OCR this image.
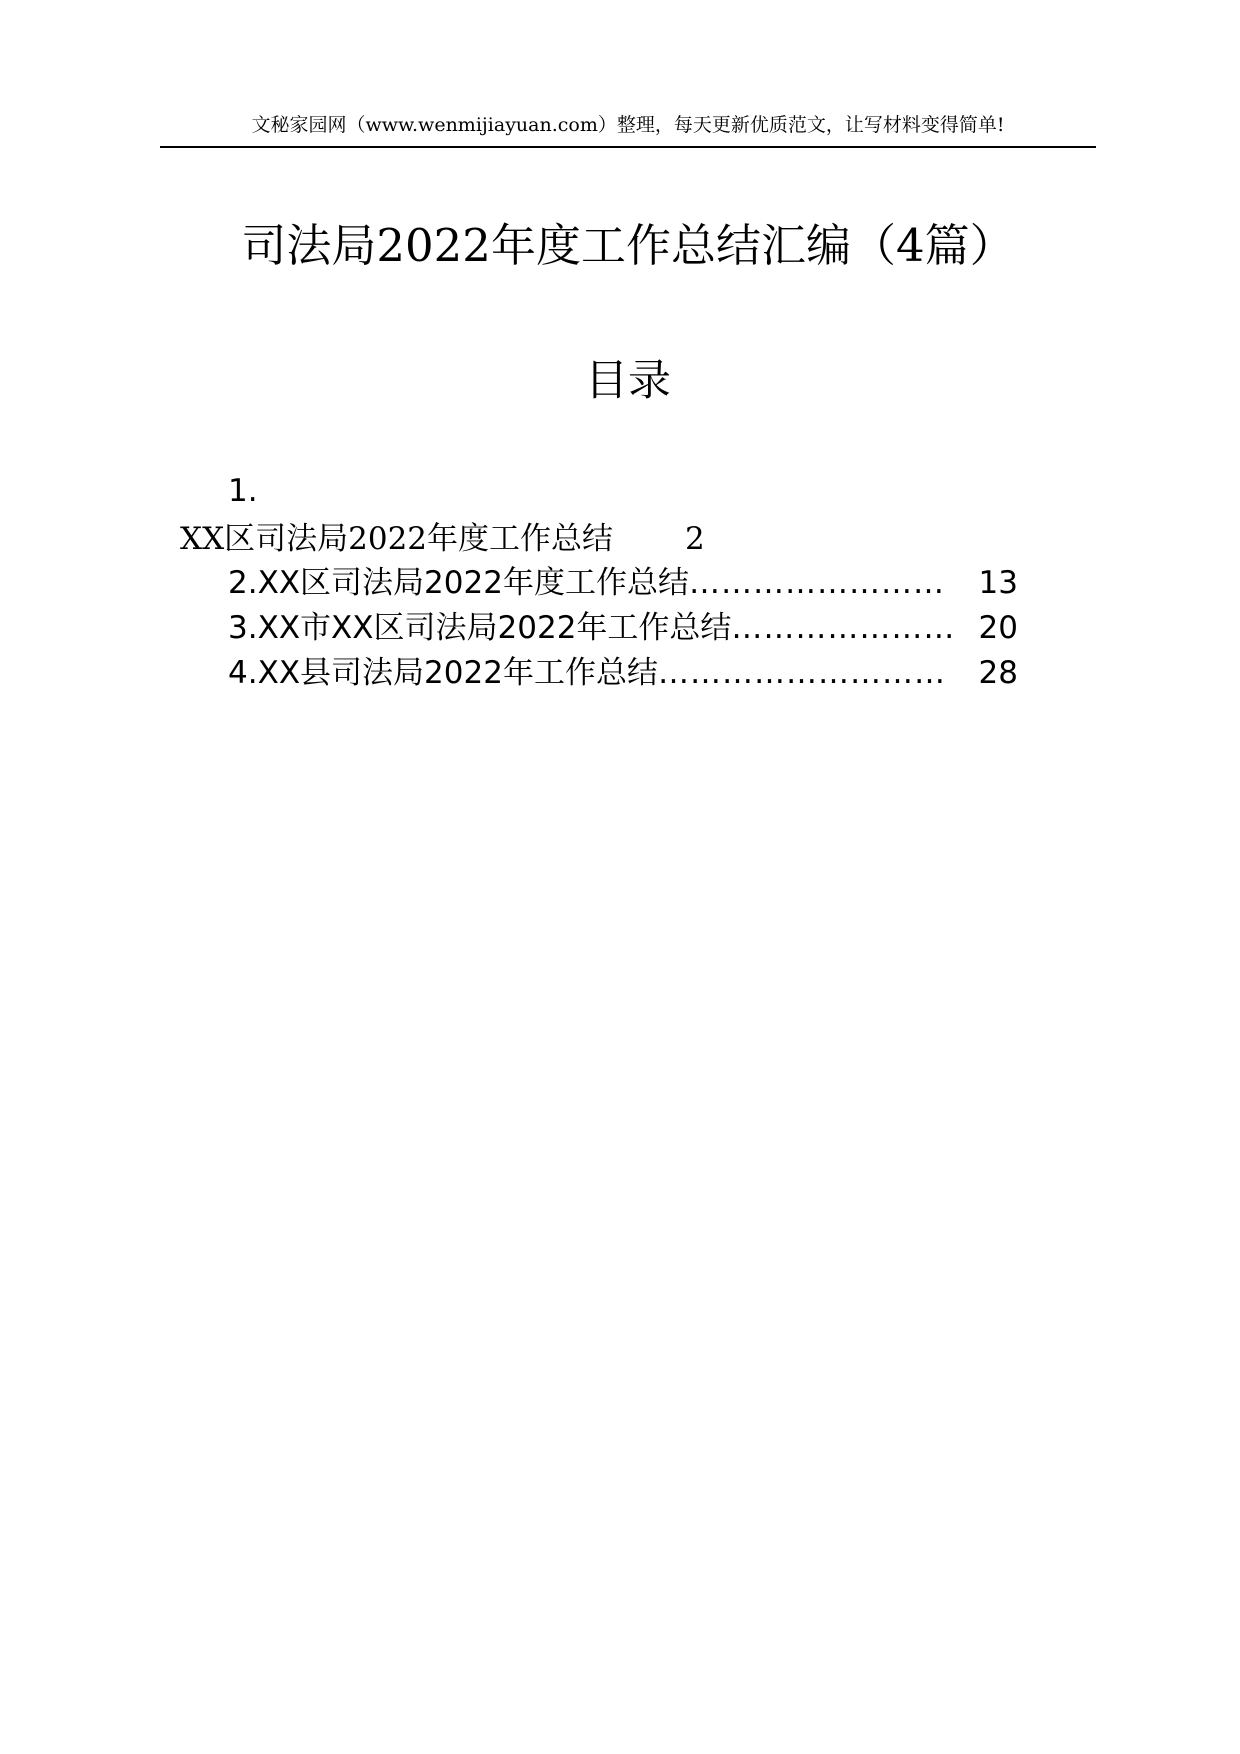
文秘家园网（www.wenmijiayuan.com）整理，每天更新优质范文，让写材料变得简单!
司法局2022年度工作总结汇编（4篇）
目录
1.
XX区司法局2022年度工作总结 2
2.XX区司法局2022年度工作总结 ……………………	13
3.XX市XX区司法局2022年工作总结 ………………… 20
4.XX县司法局2022年工作总结 ………………………	28
